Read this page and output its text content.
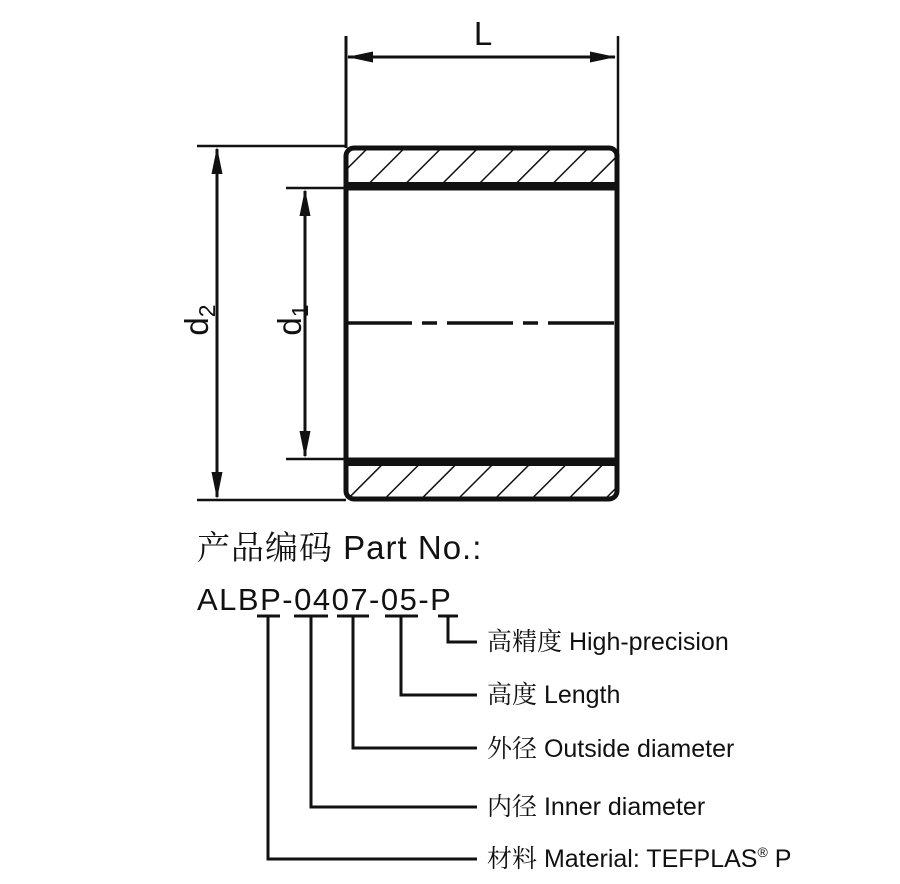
L
$d_2$
$d_1$
产品编码 Part No.:
ALBP-0407-05-P
高精度 High-precision
高度 Length
外径 Outside diameter
内径 Inner diameter
材料 Material: TEFPLAS® P
